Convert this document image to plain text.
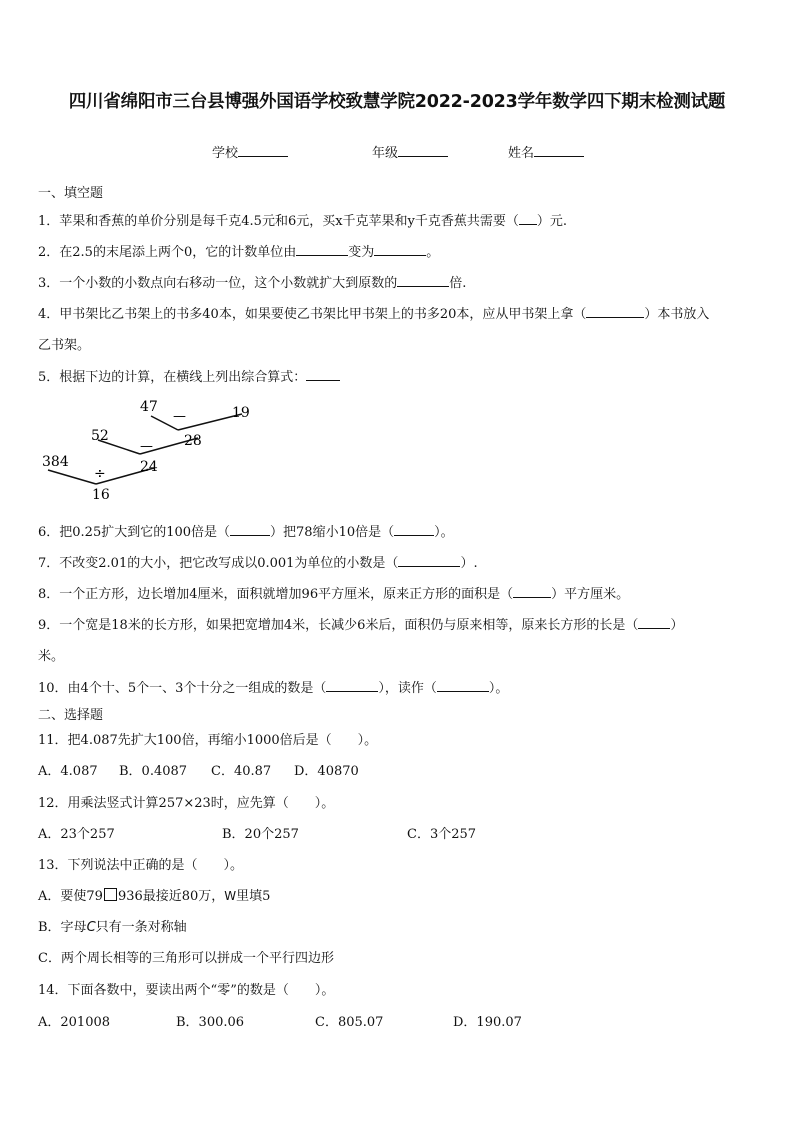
四川省绵阳市三台县博强外国语学校致慧学院2022-2023学年数学四下期末检测试题
学校	年级	姓名
一、填空题
1．苹果和香蕉的单价分别是每千克4.5元和6元，买x千克苹果和y千克香蕉共需要（ ）元.
2．在2.5的末尾添上两个0，它的计数单位由	变为	。
3．一个小数的小数点向右移动一位，这个小数就扩大到原数的	倍.
4．甲书架比乙书架上的书多40本，如果要使乙书架比甲书架上的书多20本，应从甲书架上拿（	）本书放入
乙书架。
5．根据下边的计算，在横线上列出综合算式：
47	19
—
28
52
—
24
384
÷
16
6．把0.25扩大到它的100倍是（	）把78缩小10倍是（	）。
7．不改变2.01的大小，把它改写成以0.001为单位的小数是（	）.
8．一个正方形，边长增加4厘米，面积就增加96平方厘米，原来正方形的面积是（	）平方厘米。
9．一个宽是18米的长方形，如果把宽增加4米，长减少6米后，面积仍与原来相等，原来长方形的长是（ ）
米。
10．由4个十、5个一、3个十分之一组成的数是（	），读作（	）。
二、选择题
11．把4.087先扩大100倍，再缩小1000倍后是（　　）。
A．4.087 B．0.4087 C．40.87 D．40870
12．用乘法竖式计算257×23时，应先算（　　）。
A．23个257	B．20个257	C．3个257
13．下列说法中正确的是（　　）。
A．要使79 936最接近80万，W里填5
B．字母C只有一条对称轴
C．两个周长相等的三角形可以拼成一个平行四边形
14．下面各数中，要读出两个“零”的数是（　　）。
A．201008	B．300.06	C．805.07	D．190.07
